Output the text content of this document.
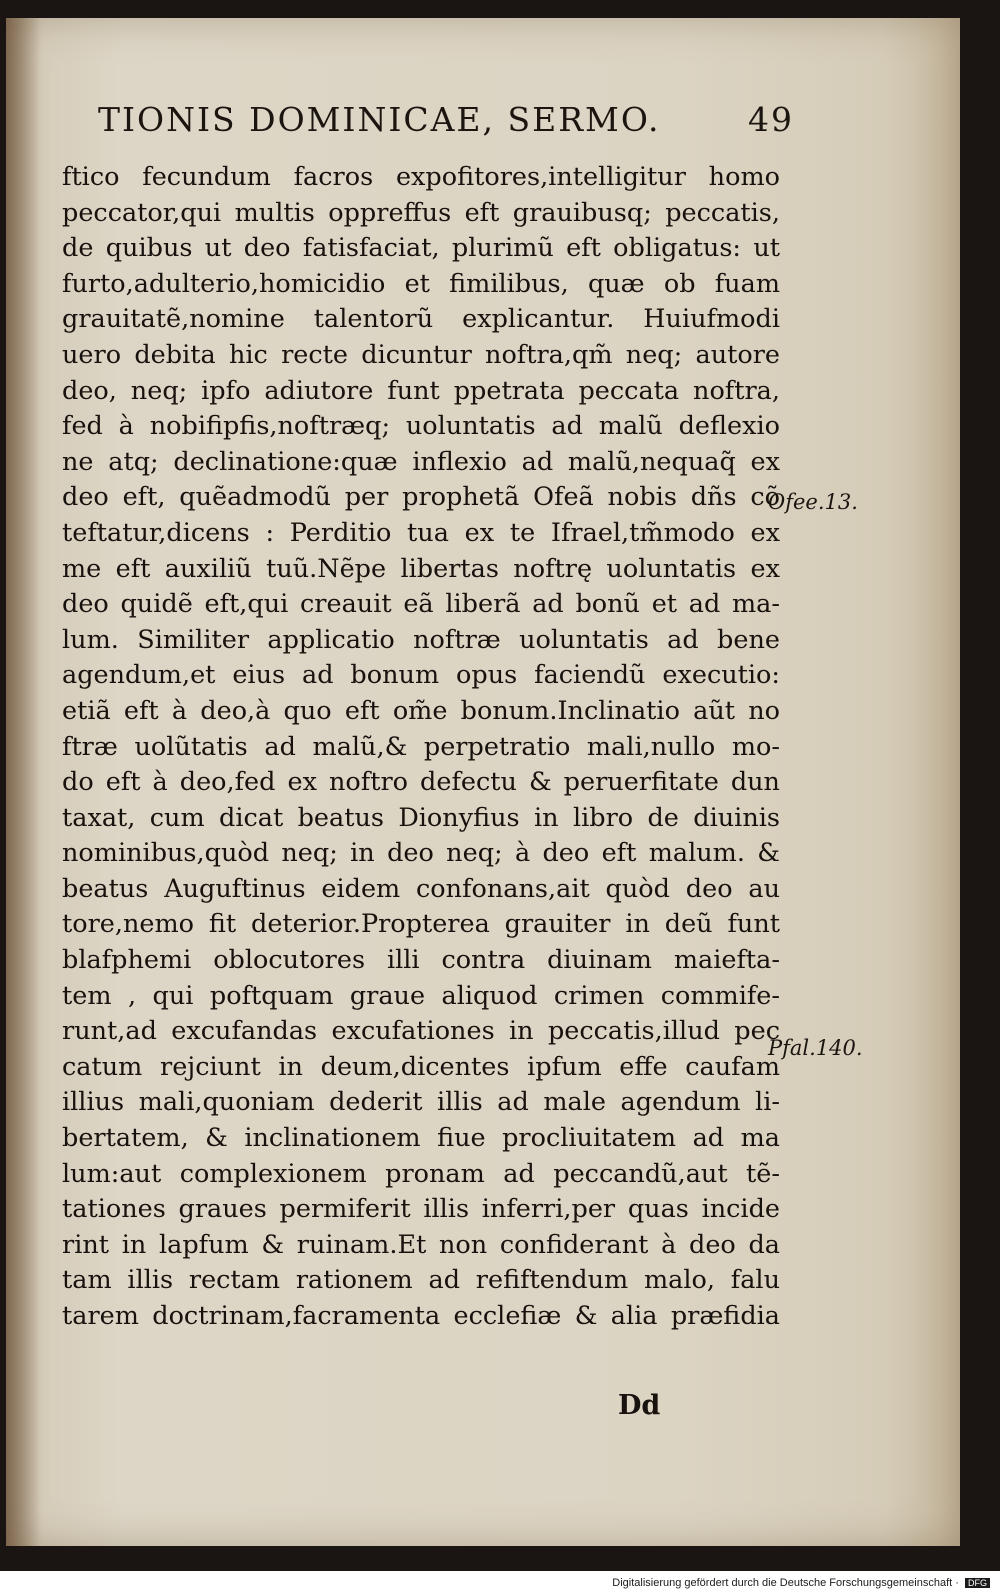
TIONIS DOMINICAE, SERMO.	49
ftico fecundum facros expofitores,intelligitur homo
peccator,qui multis oppreffus eft grauibusq; peccatis,
de quibus ut deo fatisfaciat, plurimũ eft obligatus: ut
furto,adulterio,homicidio et fimilibus, quæ ob fuam
grauitatẽ,nomine talentorũ explicantur. Huiufmodi
uero debita hic recte dicuntur noftra,qm̃ neq; autore
deo, neq; ipfo adiutore funt ppetrata peccata noftra,
fed à nobifipfis,noftræq; uoluntatis ad malũ deflexio
ne atq; declinatione:quæ inflexio ad malũ,nequaq̃ ex
deo eft, quẽadmodũ per prophetã Ofeã nobis dñs cõ
teftatur,dicens : Perditio tua ex te Ifrael,tm̃modo ex
me eft auxiliũ tuũ.Nẽpe libertas noftrę uoluntatis ex
deo quidẽ eft,qui creauit eã liberã ad bonũ et ad ma-
lum. Similiter applicatio noftræ uoluntatis ad bene
agendum,et eius ad bonum opus faciendũ executio:
etiã eft à deo,à quo eft om̃e bonum.Inclinatio aũt no
ftræ uolũtatis ad malũ,& perpetratio mali,nullo mo-
do eft à deo,fed ex noftro defectu & peruerfitate dun
taxat, cum dicat beatus Dionyfius in libro de diuinis
nominibus,quòd neq; in deo neq; à deo eft malum. &
beatus Auguftinus eidem confonans,ait quòd deo au
tore,nemo fit deterior.Propterea grauiter in deũ funt
blafphemi oblocutores illi contra diuinam maiefta-
tem , qui poftquam graue aliquod crimen commife-
runt,ad excufandas excufationes in peccatis,illud pec
catum rejciunt in deum,dicentes ipfum effe caufam
illius mali,quoniam dederit illis ad male agendum li-
bertatem, & inclinationem fiue procliuitatem ad ma
lum:aut complexionem pronam ad peccandũ,aut tẽ-
tationes graues permiferit illis inferri,per quas incide
rint in lapfum & ruinam.Et non confiderant à deo da
tam illis rectam rationem ad refiftendum malo, falu
tarem doctrinam,facramenta ecclefiæ & alia præfidia
Ofee.13.
Pfal.140.
Dd
Digitalisierung gefördert durch die Deutsche Forschungsgemeinschaft · DFG
